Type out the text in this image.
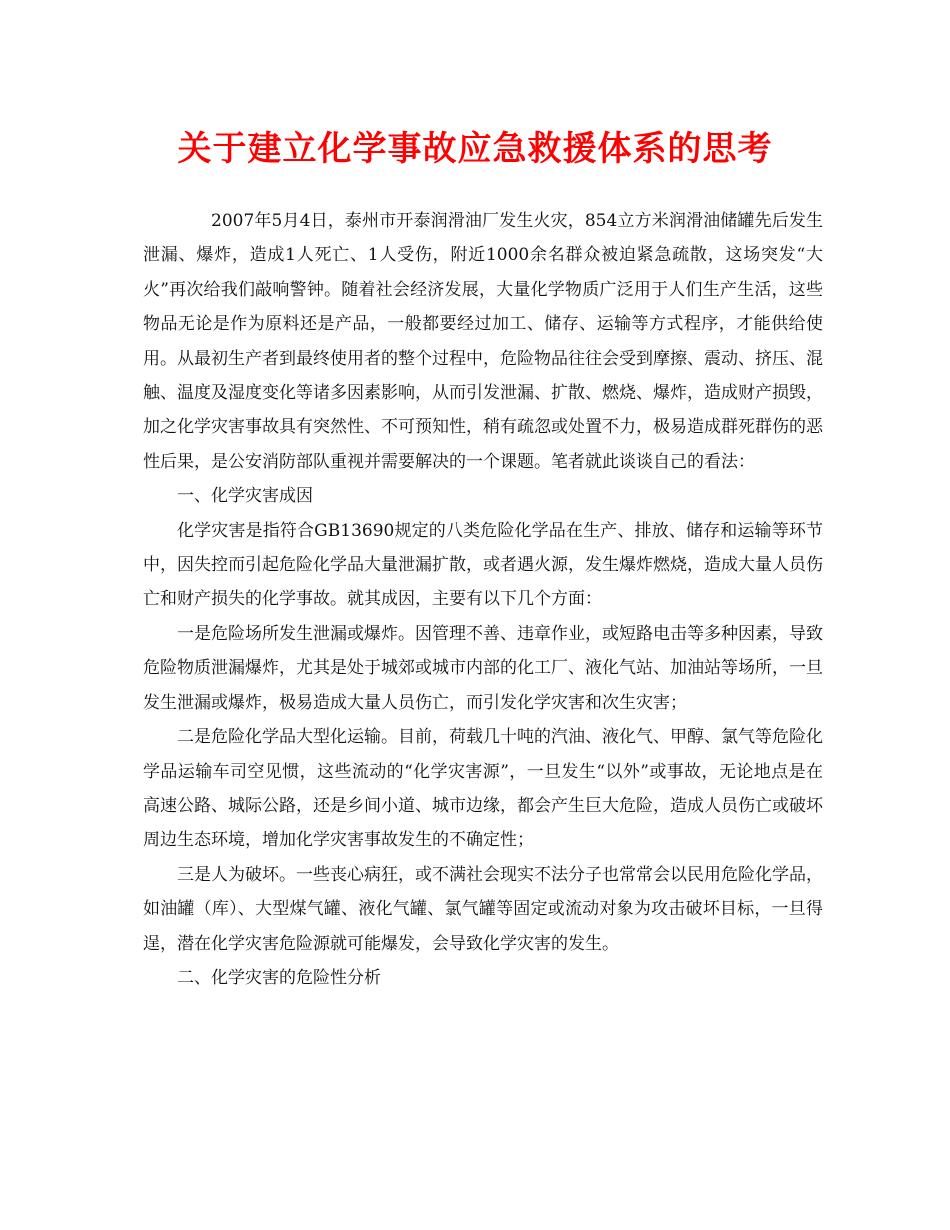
关于建立化学事故应急救援体系的思考

2007年5月4日，泰州市开泰润滑油厂发生火灾，854立方米润滑油储罐先后发生泄漏、爆炸，造成1人死亡、1人受伤，附近1000余名群众被迫紧急疏散，这场突发“大火”再次给我们敲响警钟。随着社会经济发展，大量化学物质广泛用于人们生产生活，这些物品无论是作为原料还是产品，一般都要经过加工、储存、运输等方式程序，才能供给使用。从最初生产者到最终使用者的整个过程中，危险物品往往会受到摩擦、震动、挤压、混触、温度及湿度变化等诸多因素影响，从而引发泄漏、扩散、燃烧、爆炸，造成财产损毁，加之化学灾害事故具有突然性、不可预知性，稍有疏忽或处置不力，极易造成群死群伤的恶性后果，是公安消防部队重视并需要解决的一个课题。笔者就此谈谈自己的看法：

一、化学灾害成因

化学灾害是指符合GB13690规定的八类危险化学品在生产、排放、储存和运输等环节中，因失控而引起危险化学品大量泄漏扩散，或者遇火源，发生爆炸燃烧，造成大量人员伤亡和财产损失的化学事故。就其成因，主要有以下几个方面：

一是危险场所发生泄漏或爆炸。因管理不善、违章作业，或短路电击等多种因素，导致危险物质泄漏爆炸，尤其是处于城郊或城市内部的化工厂、液化气站、加油站等场所，一旦发生泄漏或爆炸，极易造成大量人员伤亡，而引发化学灾害和次生灾害；

二是危险化学品大型化运输。目前，荷载几十吨的汽油、液化气、甲醇、氯气等危险化学品运输车司空见惯，这些流动的“化学灾害源”，一旦发生“以外”或事故，无论地点是在高速公路、城际公路，还是乡间小道、城市边缘，都会产生巨大危险，造成人员伤亡或破坏周边生态环境，增加化学灾害事故发生的不确定性；

三是人为破坏。一些丧心病狂，或不满社会现实不法分子也常常会以民用危险化学品，如油罐（库）、大型煤气罐、液化气罐、氯气罐等固定或流动对象为攻击破坏目标，一旦得逞，潜在化学灾害危险源就可能爆发，会导致化学灾害的发生。

二、化学灾害的危险性分析
